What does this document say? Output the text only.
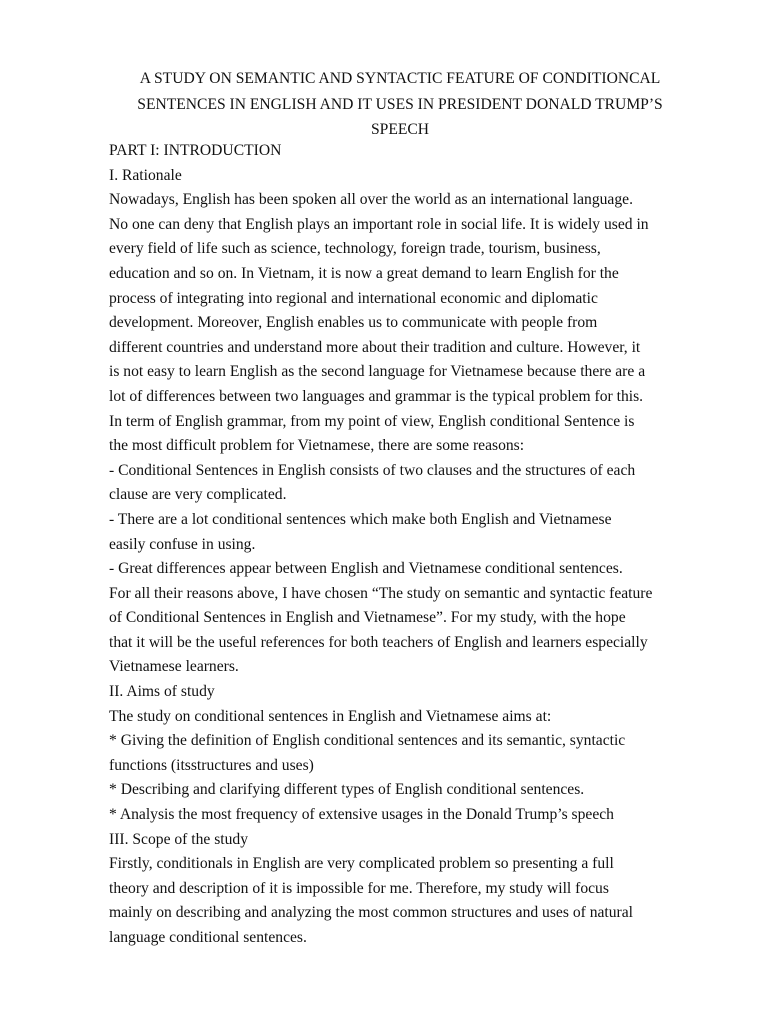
A STUDY ON SEMANTIC AND SYNTACTIC FEATURE OF CONDITIONCAL
SENTENCES IN ENGLISH AND IT USES IN PRESIDENT DONALD TRUMP’S
SPEECH
PART I: INTRODUCTION
I. Rationale
Nowadays, English has been spoken all over the world as an international language.
No one can deny that English plays an important role in social life. It is widely used in
every field of life such as science, technology, foreign trade, tourism, business,
education and so on. In Vietnam, it is now a great demand to learn English for the
process of integrating into regional and international economic and diplomatic
development. Moreover, English enables us to communicate with people from
different countries and understand more about their tradition and culture. However, it
is not easy to learn English as the second language for Vietnamese because there are a
lot of differences between two languages and grammar is the typical problem for this.
In term of English grammar, from my point of view, English conditional Sentence is
the most difficult problem for Vietnamese, there are some reasons:
- Conditional Sentences in English consists of two clauses and the structures of each
clause are very complicated.
- There are a lot conditional sentences which make both English and Vietnamese
easily confuse in using.
- Great differences appear between English and Vietnamese conditional sentences.
For all their reasons above, I have chosen “The study on semantic and syntactic feature
of Conditional Sentences in English and Vietnamese”. For my study, with the hope
that it will be the useful references for both teachers of English and learners especially
Vietnamese learners.
II. Aims of study
The study on conditional sentences in English and Vietnamese aims at:
* Giving the definition of English conditional sentences and its semantic, syntactic
functions (itsstructures and uses)
* Describing and clarifying different types of English conditional sentences.
* Analysis the most frequency of extensive usages in the Donald Trump’s speech
III. Scope of the study
Firstly, conditionals in English are very complicated problem so presenting a full
theory and description of it is impossible for me. Therefore, my study will focus
mainly on describing and analyzing the most common structures and uses of natural
language conditional sentences.
